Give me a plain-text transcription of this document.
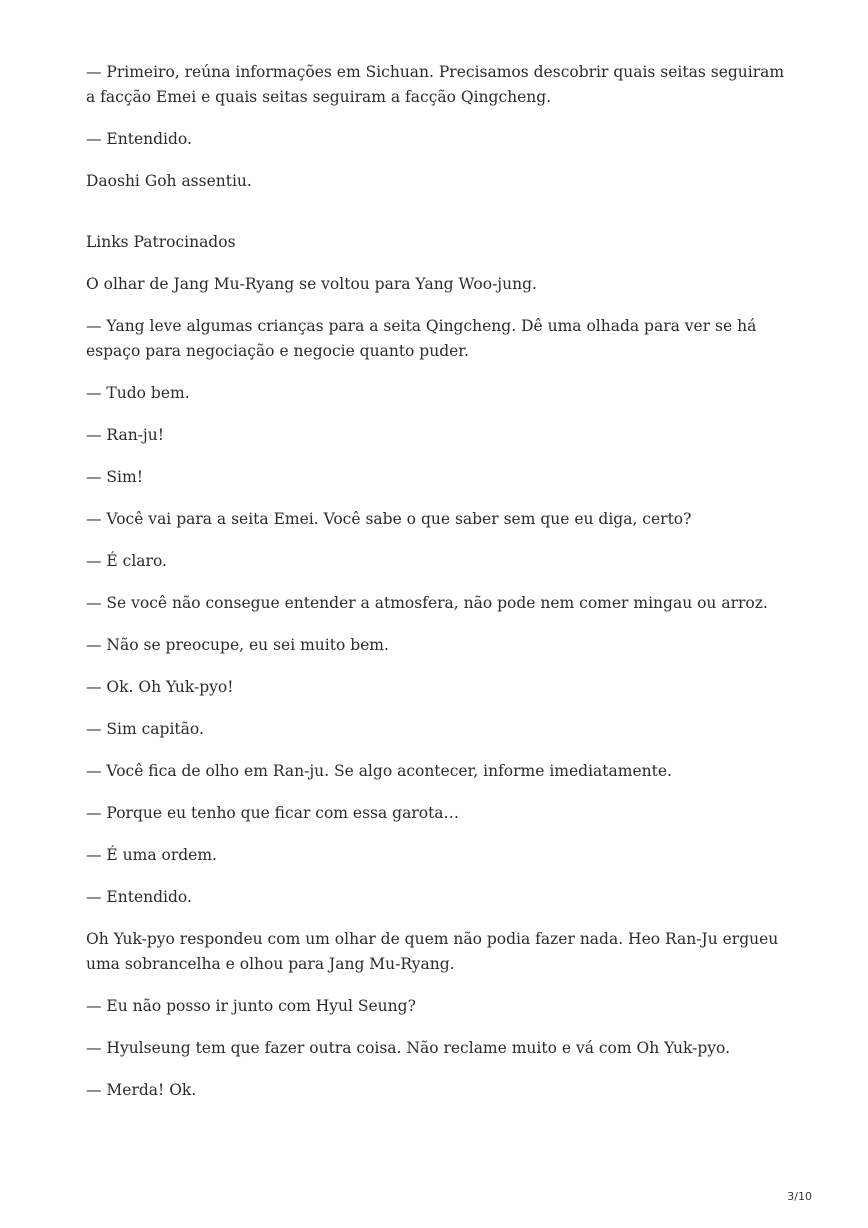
— Primeiro, reúna informações em Sichuan. Precisamos descobrir quais seitas seguiram a facção Emei e quais seitas seguiram a facção Qingcheng.

— Entendido.

Daoshi Goh assentiu.

Links Patrocinados

O olhar de Jang Mu-Ryang se voltou para Yang Woo-jung.

— Yang leve algumas crianças para a seita Qingcheng. Dê uma olhada para ver se há espaço para negociação e negocie quanto puder.

— Tudo bem.

— Ran-ju!

— Sim!

— Você vai para a seita Emei. Você sabe o que saber sem que eu diga, certo?

— É claro.

— Se você não consegue entender a atmosfera, não pode nem comer mingau ou arroz.

— Não se preocupe, eu sei muito bem.

— Ok. Oh Yuk-pyo!

— Sim capitão.

— Você fica de olho em Ran-ju. Se algo acontecer, informe imediatamente.

— Porque eu tenho que ficar com essa garota…

— É uma ordem.

— Entendido.

Oh Yuk-pyo respondeu com um olhar de quem não podia fazer nada. Heo Ran-Ju ergueu uma sobrancelha e olhou para Jang Mu-Ryang.

— Eu não posso ir junto com Hyul Seung?

— Hyulseung tem que fazer outra coisa. Não reclame muito e vá com Oh Yuk-pyo.

— Merda! Ok.

3/10
